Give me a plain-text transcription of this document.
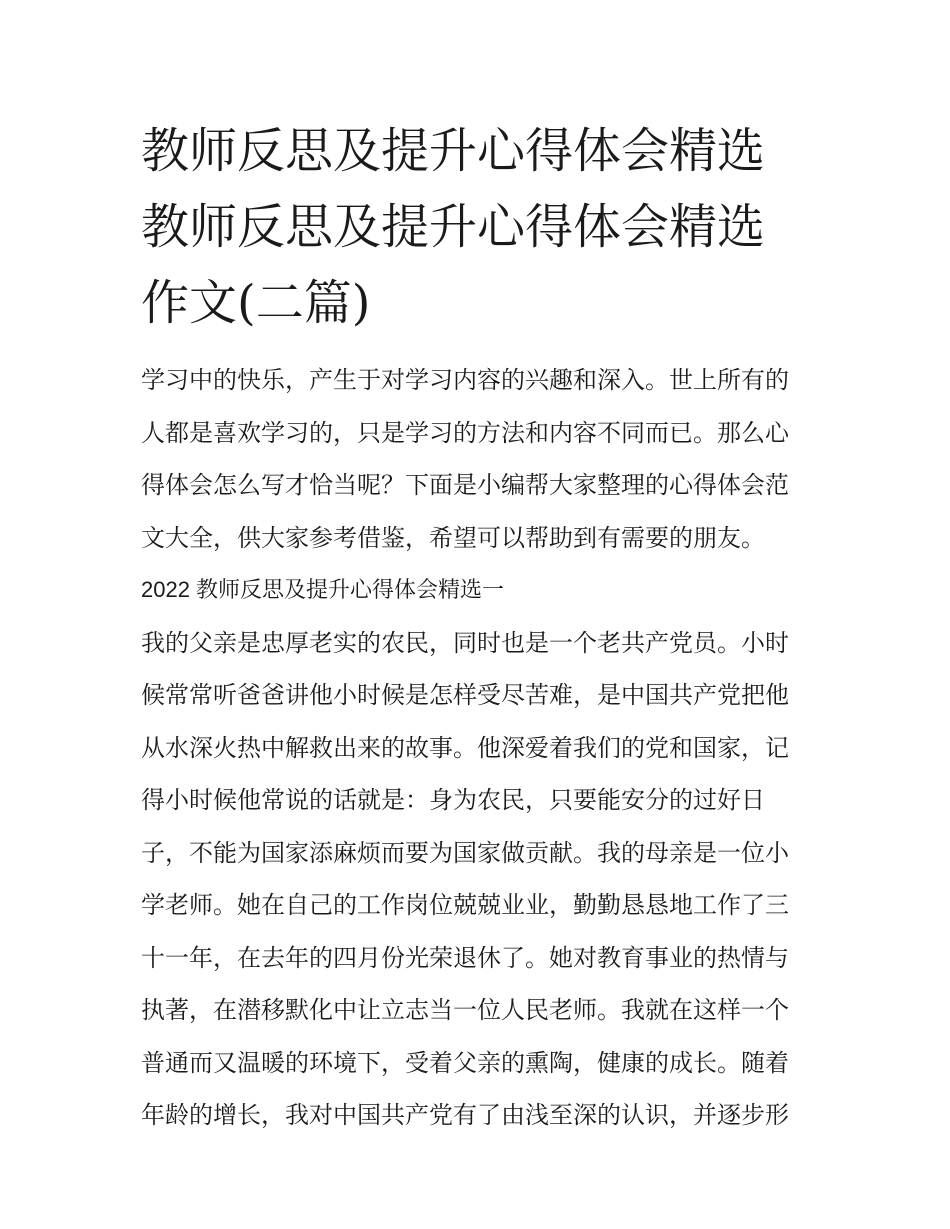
教师反思及提升心得体会精选
教师反思及提升心得体会精选
作文(二篇)
学习中的快乐，产生于对学习内容的兴趣和深入。世上所有的
人都是喜欢学习的，只是学习的方法和内容不同而已。那么心
得体会怎么写才恰当呢？下面是小编帮大家整理的心得体会范
文大全，供大家参考借鉴，希望可以帮助到有需要的朋友。
2022 教师反思及提升心得体会精选一
我的父亲是忠厚老实的农民，同时也是一个老共产党员。小时
候常常听爸爸讲他小时候是怎样受尽苦难，是中国共产党把他
从水深火热中解救出来的故事。他深爱着我们的党和国家，记
得小时候他常说的话就是：身为农民，只要能安分的过好日
子，不能为国家添麻烦而要为国家做贡献。我的母亲是一位小
学老师。她在自己的工作岗位兢兢业业，勤勤恳恳地工作了三
十一年，在去年的四月份光荣退休了。她对教育事业的热情与
执著，在潜移默化中让立志当一位人民老师。我就在这样一个
普通而又温暖的环境下，受着父亲的熏陶，健康的成长。随着
年龄的增长，我对中国共产党有了由浅至深的认识，并逐步形
